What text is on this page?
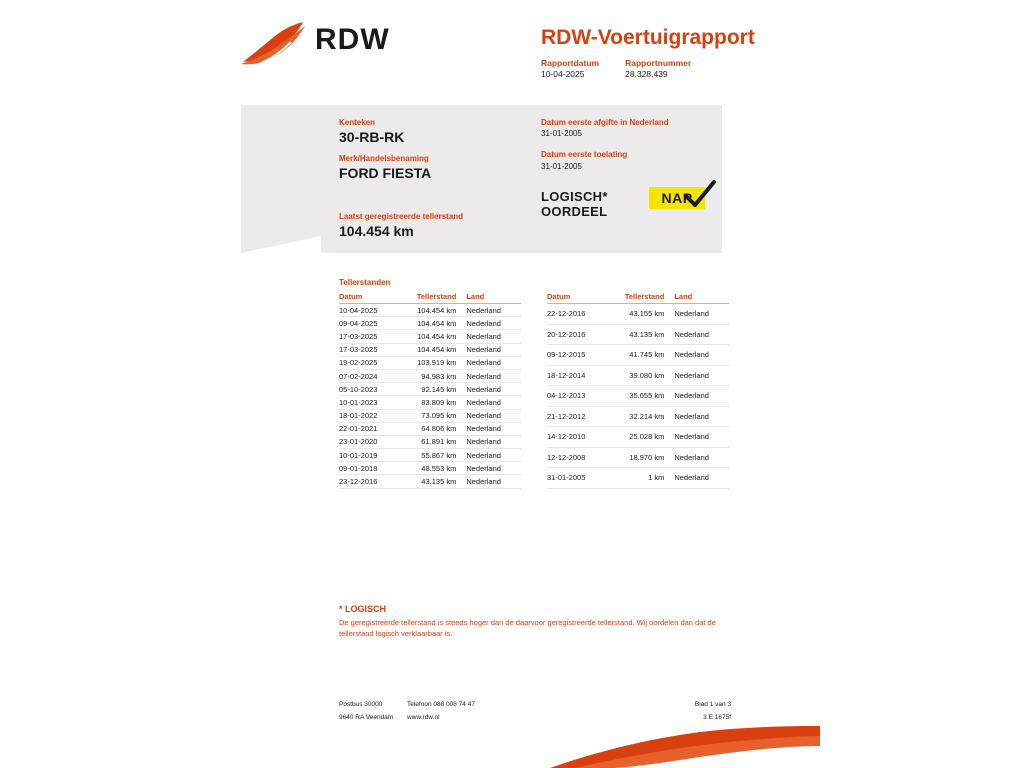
RDW	RDW-Voertuigrapport
Rapportdatum
10-04-2025
Rapportnummer
28.328.439
Kenteken
30-RB-RK
Merk/Handelsbenaming
FORD FIESTA
Laatst geregistreerde tellerstand
104.454 km
Datum eerste afgifte in Nederland
31-01-2005
Datum eerste toelating
31-01-2005
LOGISCH*
OORDEEL
NAP
Tellerstanden
Datum	Tellerstand	Land
10-04-2025	104.454 km	Nederland
09-04-2025	104.454 km	Nederland
17-03-2025	104.454 km	Nederland
17-03-2025	104.454 km	Nederland
19-02-2025	103.919 km	Nederland
07-02-2024	94.983 km	Nederland
05-10-2023	92.145 km	Nederland
10-01-2023	83.809 km	Nederland
18-01-2022	73.095 km	Nederland
22-01-2021	64.806 km	Nederland
23-01-2020	61.891 km	Nederland
10-01-2019	55.867 km	Nederland
09-01-2018	48.553 km	Nederland
23-12-2016	43.135 km	Nederland
Datum	Tellerstand	Land
22-12-2016	43.155 km	Nederland
20-12-2016	43.135 km	Nederland
09-12-2015	41.745 km	Nederland
18-12-2014	39.080 km	Nederland
04-12-2013	35.655 km	Nederland
21-12-2012	32.214 km	Nederland
14-12-2010	25.028 km	Nederland
12-12-2008	18.970 km	Nederland
31-01-2005	1 km	Nederland
* LOGISCH
De geregistreerde tellerstand is steeds hoger dan de daarvoor geregistreerde tellerstand. Wij oordelen dan dat de tellerstand logisch verklaarbaar is.
Postbus 30000	Telefoon 088 008 74 47	Blad 1 van 3
9640 RA Veendam	www.rdw.nl	3 E 1675f
